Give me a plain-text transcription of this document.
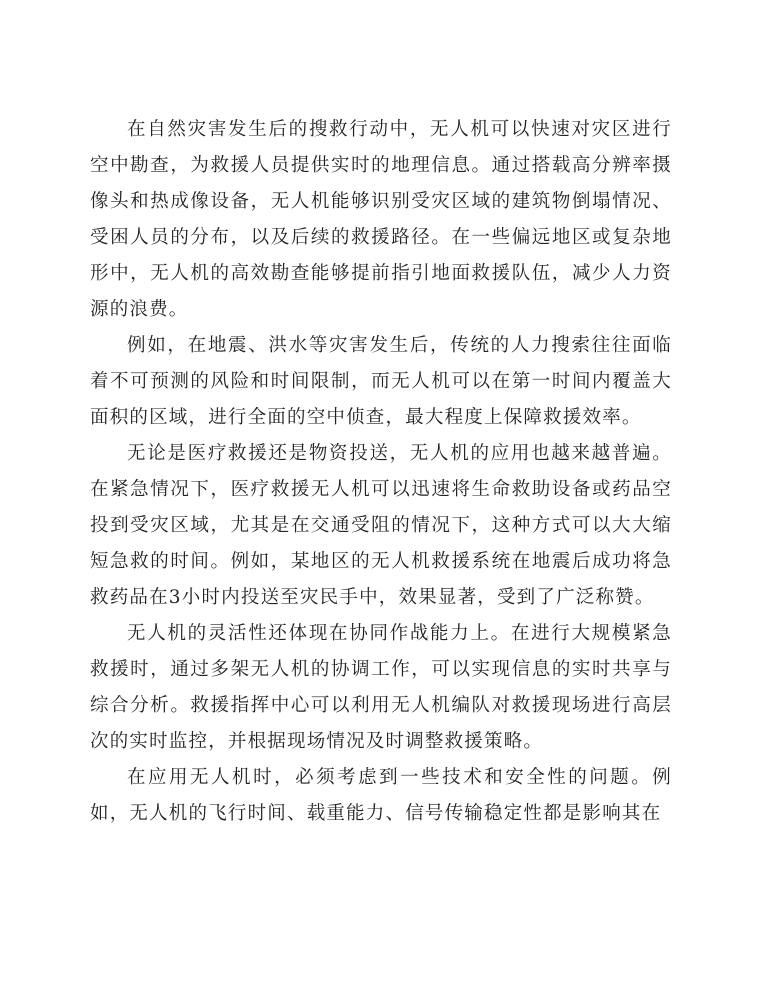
在自然灾害发生后的搜救行动中，无人机可以快速对灾区进行空中勘查，为救援人员提供实时的地理信息。通过搭载高分辨率摄像头和热成像设备，无人机能够识别受灾区域的建筑物倒塌情况、受困人员的分布，以及后续的救援路径。在一些偏远地区或复杂地形中，无人机的高效勘查能够提前指引地面救援队伍，减少人力资源的浪费。

例如，在地震、洪水等灾害发生后，传统的人力搜索往往面临着不可预测的风险和时间限制，而无人机可以在第一时间内覆盖大面积的区域，进行全面的空中侦查，最大程度上保障救援效率。

无论是医疗救援还是物资投送，无人机的应用也越来越普遍。在紧急情况下，医疗救援无人机可以迅速将生命救助设备或药品空投到受灾区域，尤其是在交通受阻的情况下，这种方式可以大大缩短急救的时间。例如，某地区的无人机救援系统在地震后成功将急救药品在3小时内投送至灾民手中，效果显著，受到了广泛称赞。

无人机的灵活性还体现在协同作战能力上。在进行大规模紧急救援时，通过多架无人机的协调工作，可以实现信息的实时共享与综合分析。救援指挥中心可以利用无人机编队对救援现场进行高层次的实时监控，并根据现场情况及时调整救援策略。

在应用无人机时，必须考虑到一些技术和安全性的问题。例如，无人机的飞行时间、载重能力、信号传输稳定性都是影响其在
